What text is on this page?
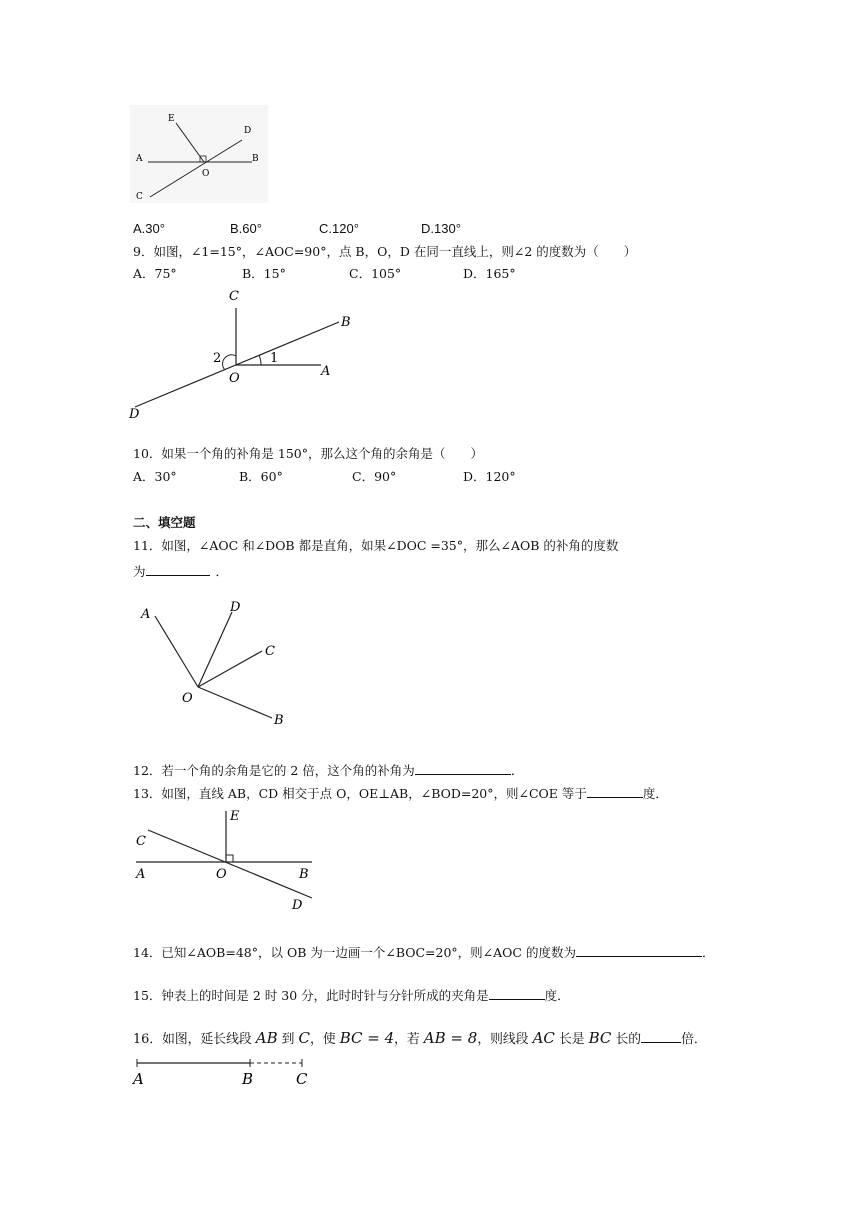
E
D
A	B
O
C
A.30°	B.60°	C.120°	D.130°
9．如图，∠1=15°，∠AOC=90°，点 B，O，D 在同一直线上，则∠2 的度数为（　　）
A．75°	B．15°	C．105°	D．165°
C
B
2	1
O	A
D
10．如果一个角的补角是 150°，那么这个角的余角是（　　）
A．30°	B．60°	C．90°	D．120°
二、填空题
11．如图，∠AOC 和∠DOB 都是直角，如果∠DOC =35°，那么∠AOB 的补角的度数
为	．
A	D
C
O
B
12．若一个角的余角是它的 2 倍，这个角的补角为	．
13．如图，直线 AB，CD 相交于点 O，OE⊥AB，∠BOD=20°，则∠COE 等于	度．
E
C
A	O	B
D
14．已知∠AOB=48°，以 OB 为一边画一个∠BOC=20°，则∠AOC 的度数为	．
15．钟表上的时间是 2 时 30 分，此时时针与分针所成的夹角是	度．
16．如图，延长线段 AB 到 C，使 BC = 4，若 AB = 8，则线段 AC 长是 BC 长的	倍．
A	B	C
